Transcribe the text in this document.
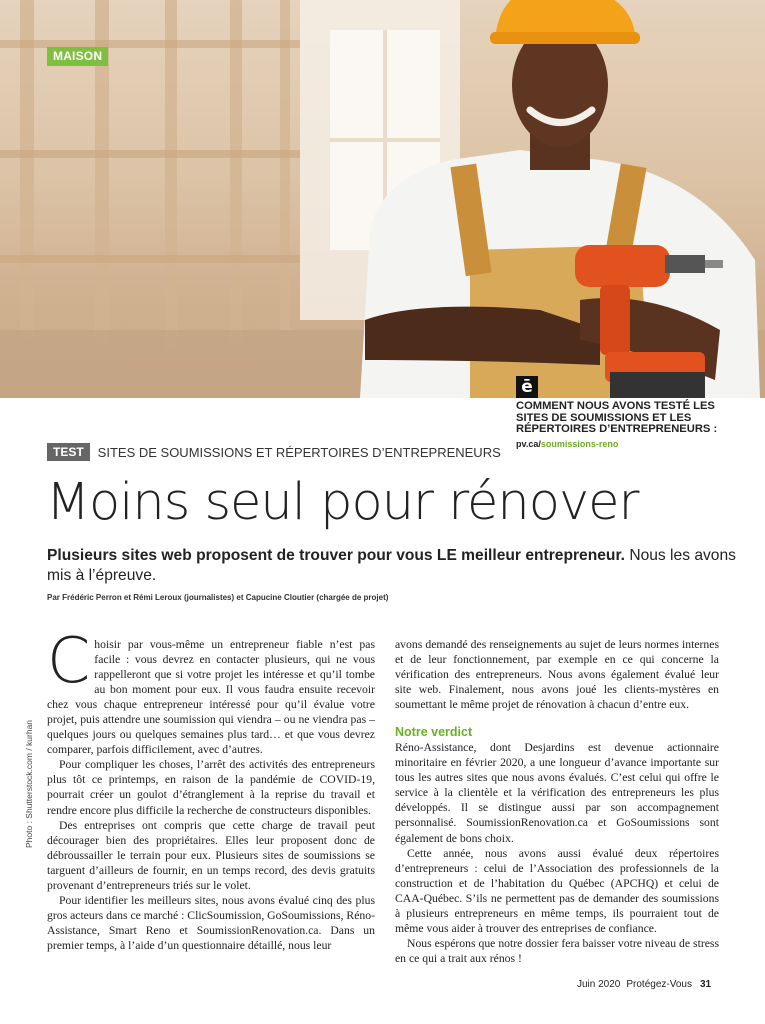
MAISON
ē
COMMENT NOUS AVONS TESTÉ LES SITES DE SOUMISSIONS ET LES RÉPERTOIRES D’ENTREPRENEURS :
pv.ca/soumissions-reno
TEST	SITES DE SOUMISSIONS ET RÉPERTOIRES D’ENTREPRENEURS
Moins seul pour rénover

Plusieurs sites web proposent de trouver pour vous LE meilleur entrepreneur. Nous les avons mis à l’épreuve.

Par Frédéric Perron et Rémi Leroux (journalistes) et Capucine Cloutier (chargée de projet)
Photo : Shutterstock.com / kurhan

Choisir par vous-même un entrepreneur fiable n’est pas facile : vous devrez en contacter plusieurs, qui ne vous rappelleront que si votre projet les intéresse et qu’il tombe au bon moment pour eux. Il vous faudra ensuite recevoir chez vous chaque entrepreneur intéressé pour qu’il évalue votre projet, puis attendre une soumission qui viendra – ou ne viendra pas – quelques jours ou quelques semaines plus tard… et que vous devrez comparer, parfois difficilement, avec d’autres.

Pour compliquer les choses, l’arrêt des activités des entrepreneurs plus tôt ce printemps, en raison de la pandémie de COVID-19, pourrait créer un goulot d’étranglement à la reprise du travail et rendre encore plus difficile la recherche de constructeurs disponibles.

Des entreprises ont compris que cette charge de travail peut décourager bien des propriétaires. Elles leur proposent donc de débroussailler le terrain pour eux. Plusieurs sites de soumissions se targuent d’ailleurs de fournir, en un temps record, des devis gratuits provenant d’entrepreneurs triés sur le volet.

Pour identifier les meilleurs sites, nous avons évalué cinq des plus gros acteurs dans ce marché : ClicSoumission, GoSoumissions, Réno-Assistance, Smart Reno et SoumissionRenovation.ca. Dans un premier temps, à l’aide d’un questionnaire détaillé, nous leur

avons demandé des renseignements au sujet de leurs normes internes et de leur fonctionnement, par exemple en ce qui concerne la vérification des entrepreneurs. Nous avons également évalué leur site web. Finalement, nous avons joué les clients-mystères en soumettant le même projet de rénovation à chacun d’entre eux.

Notre verdict

Réno-Assistance, dont Desjardins est devenue actionnaire minoritaire en février 2020, a une longueur d’avance importante sur tous les autres sites que nous avons évalués. C’est celui qui offre le service à la clientèle et la vérification des entrepreneurs les plus développés. Il se distingue aussi par son accompagnement personnalisé. SoumissionRenovation.ca et GoSoumissions sont également de bons choix.

Cette année, nous avons aussi évalué deux répertoires d’entrepreneurs : celui de l’Association des professionnels de la construction et de l’habitation du Québec (APCHQ) et celui de CAA-Québec. S’ils ne permettent pas de demander des soumissions à plusieurs entrepreneurs en même temps, ils pourraient tout de même vous aider à trouver des entreprises de confiance.

Nous espérons que notre dossier fera baisser votre niveau de stress en ce qui a trait aux rénos !

Juin 2020 Protégez-Vous 31
